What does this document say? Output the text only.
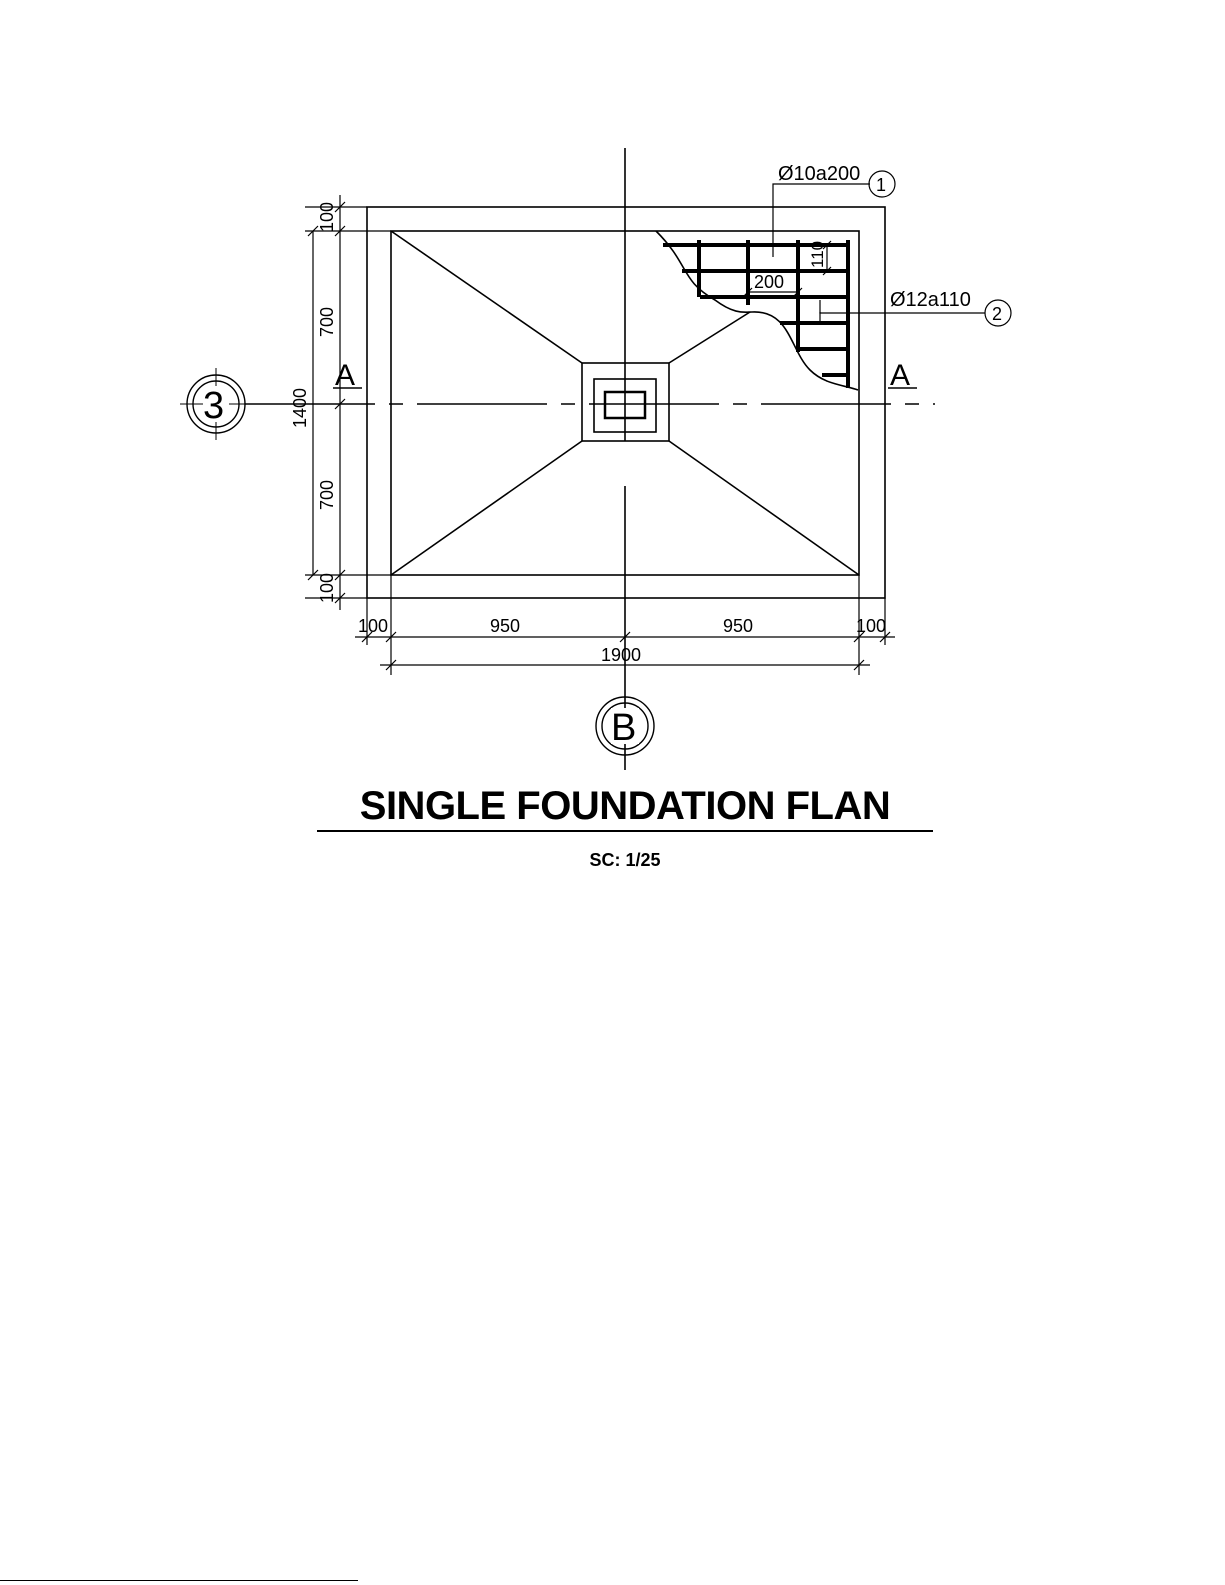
200
110
Ø10a200 1
Ø12a110
2
A	A
3
B
100
700
1400
700
100
100	950	950	100
1900
SINGLE FOUNDATION FLAN
SC: 1/25
